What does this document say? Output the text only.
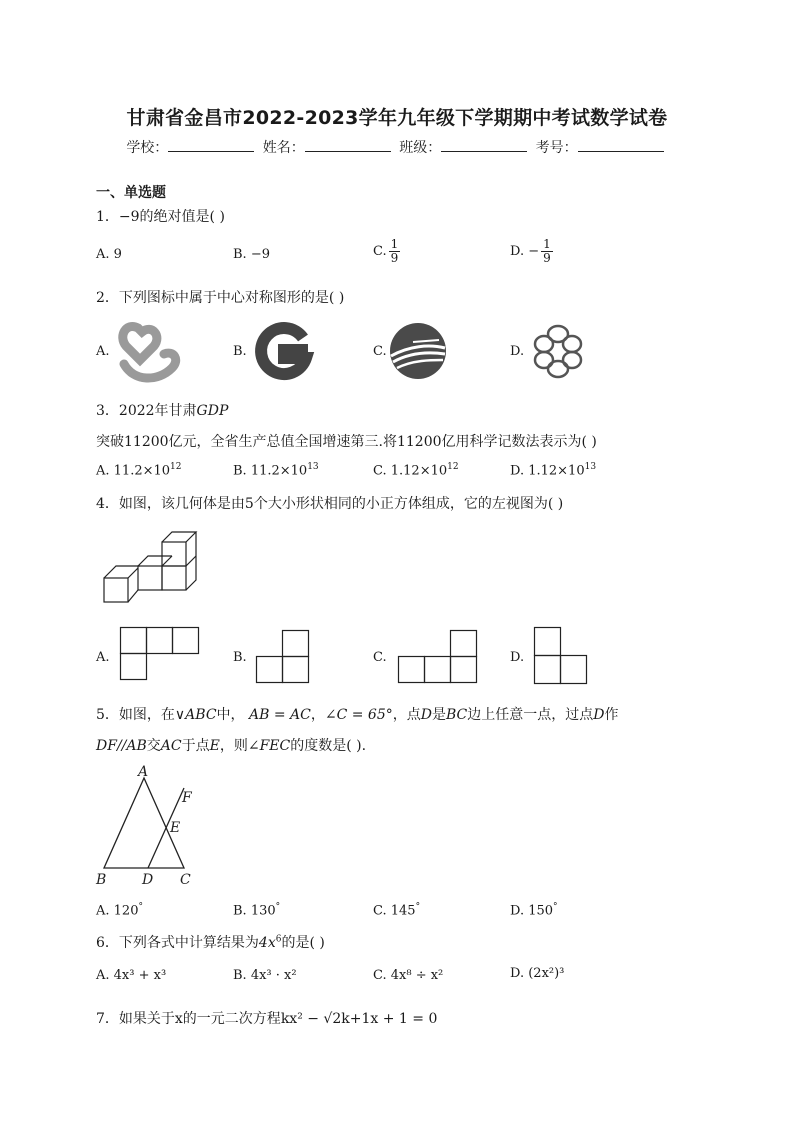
甘肃省金昌市2022-2023学年九年级下学期期中考试数学试卷
学校：	姓名：	班级：	考号：
一、单选题
1．−9的绝对值是( )
A. 9	B. −9	C. $\frac{1}{9}$	D. − $\frac{1}{9}$
2．下列图标中属于中心对称图形的是( )
A.	B.	C.	D.
3．2022年甘肃GDP
突破11200亿元，全省生产总值全国增速第三.将11200亿用科学记数法表示为( )
A. $11.2\times 10^{12}$	B. $11.2\times 10^{13}$	C. $1.12\times 10^{12}$	D. $1.12\times 10^{13}$
4．如图，该几何体是由5个大小形状相同的小正方体组成，它的左视图为( )
A.	B.	C.	D.
5．如图，在∨ABC中， AB = AC，∠C = 65°，点D是BC边上任意一点，过点D作
DF//AB交AC于点E，则∠FEC的度数是( ).
A
B	D C
E
F
A. 120°	B. 130°	C. 145°	D. 150°
6．下列各式中计算结果为$4x^6$的是( )
A. 4x³ + x³	B. 4x³ · x²	C. 4x⁸ ÷ x²	D. (2x²)³
7．如果关于x的一元二次方程kx² − √2k+1x + 1 = 0
